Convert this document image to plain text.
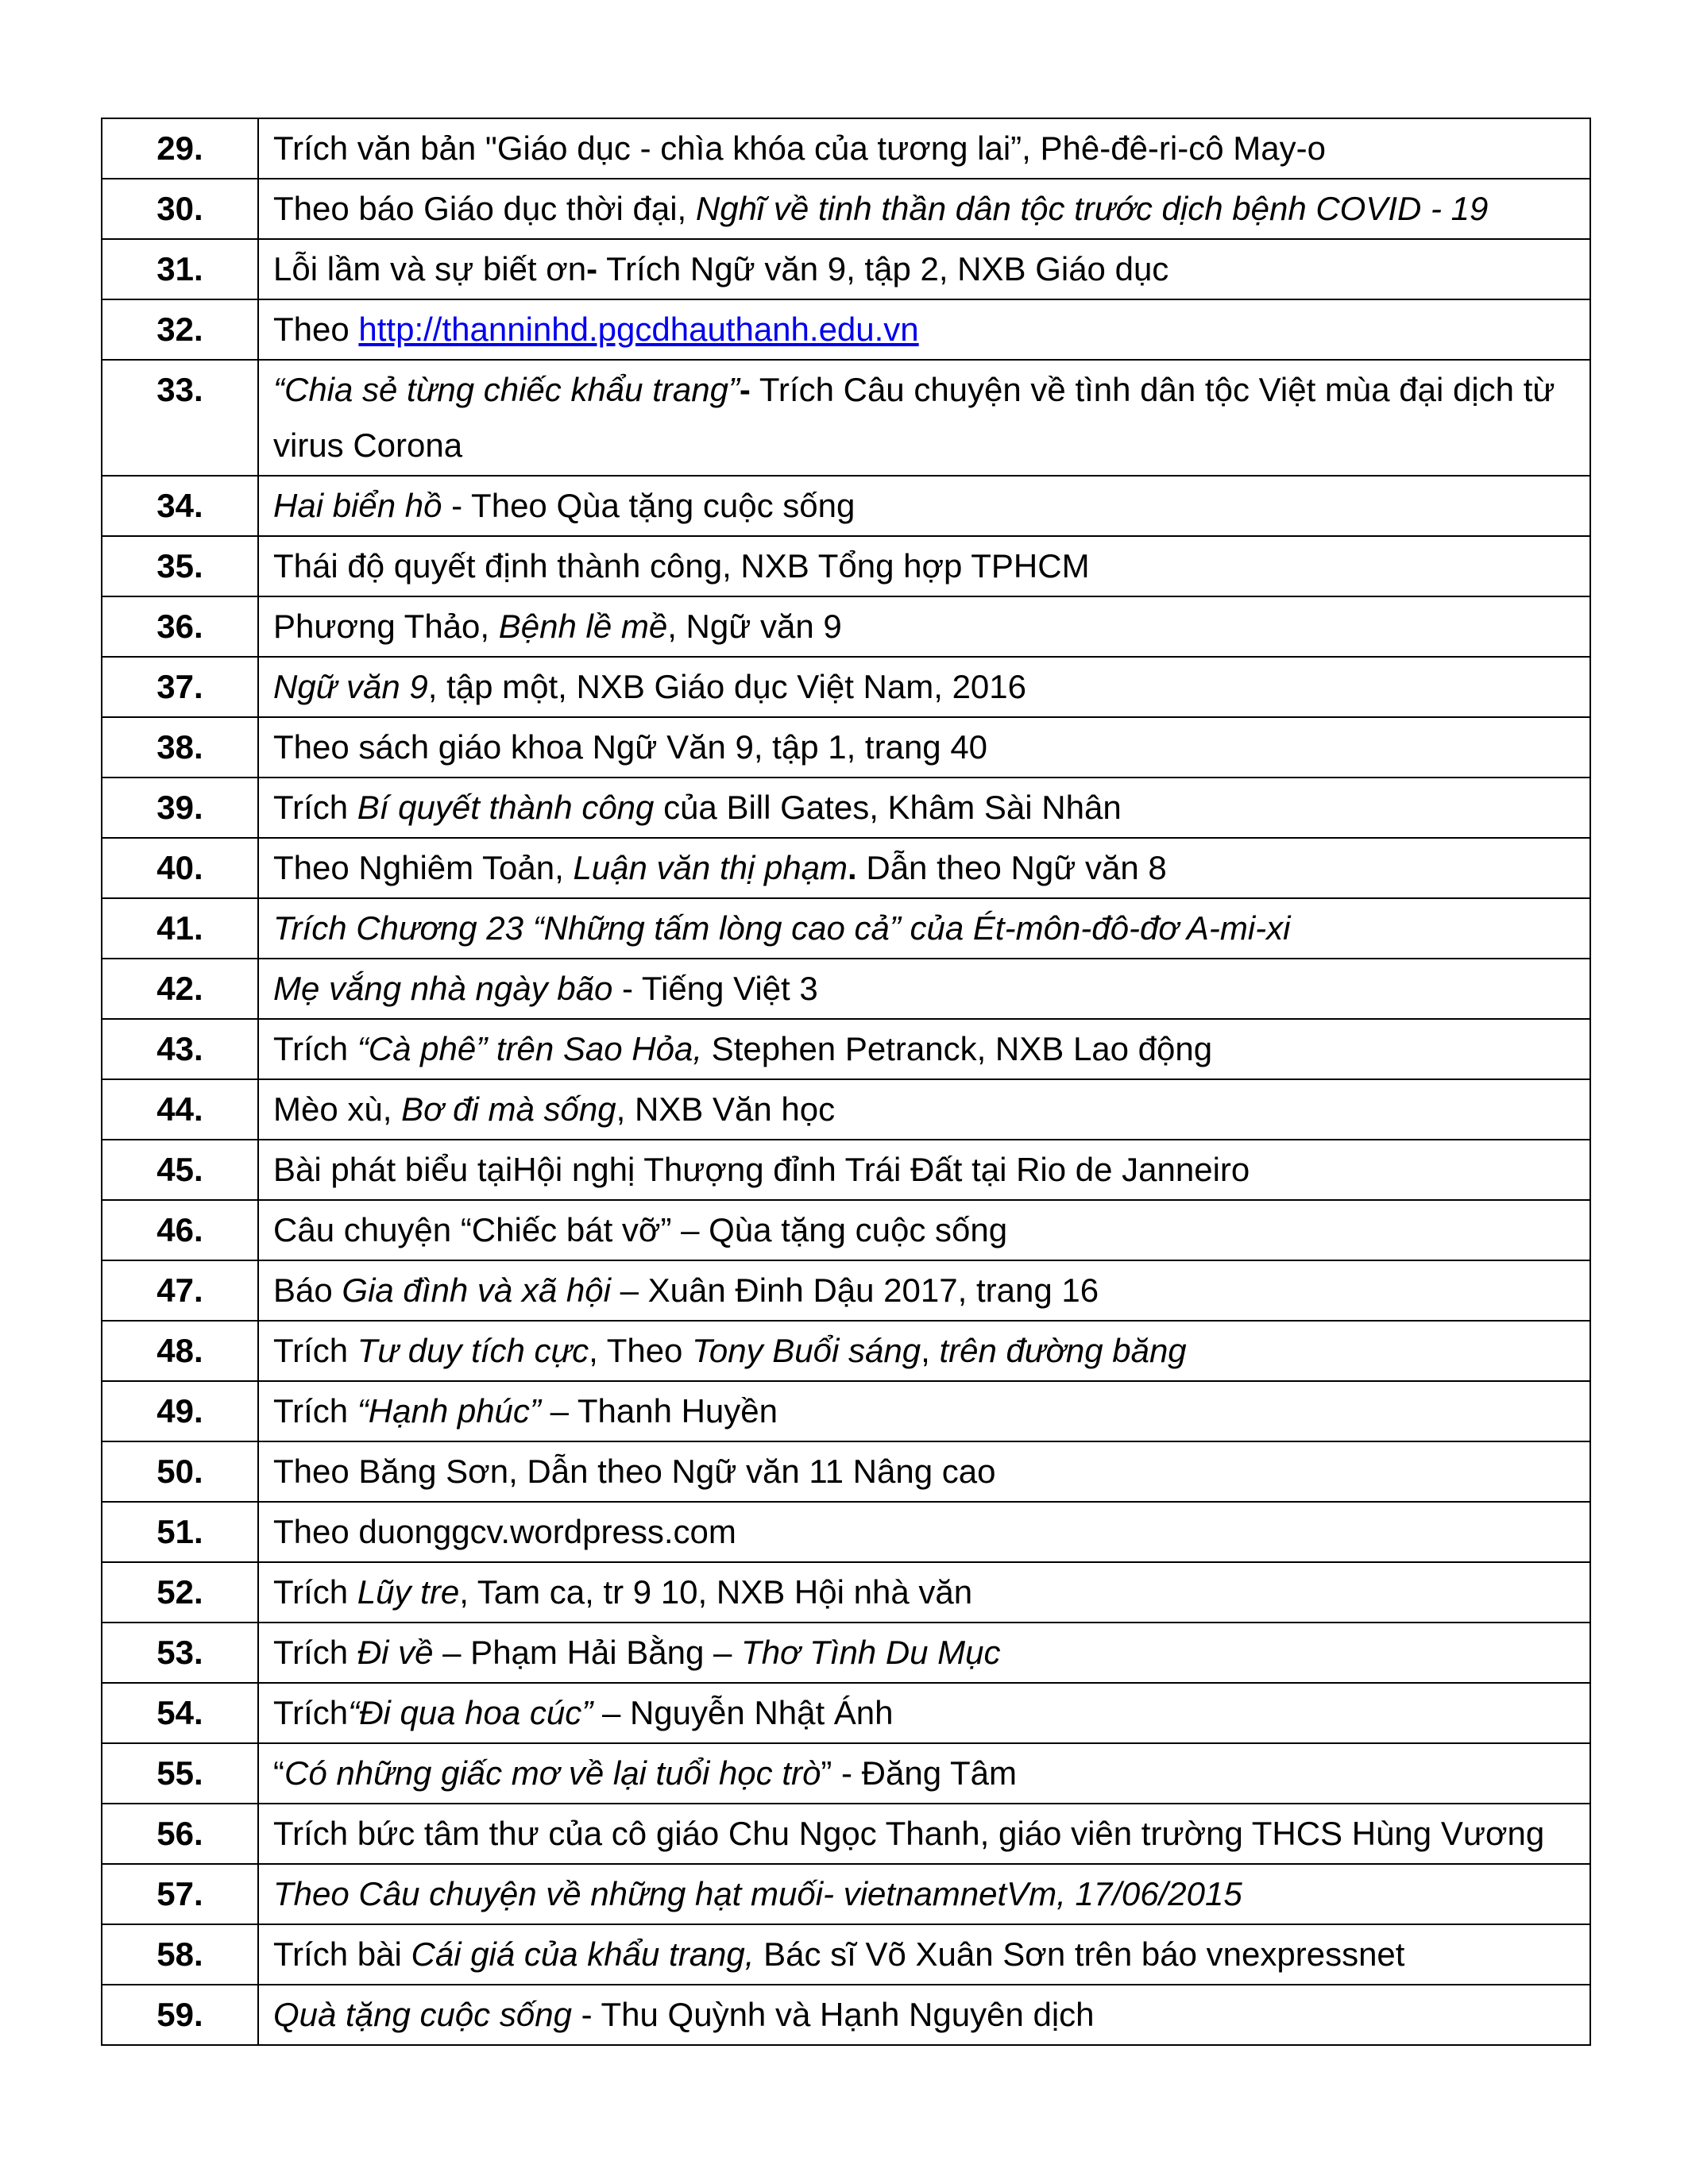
29.	Trích văn bản "Giáo dục - chìa khóa của tương lai”, Phê-đê-ri-cô May-o
30.	Theo báo Giáo dục thời đại, Nghĩ về tinh thần dân tộc trước dịch bệnh COVID - 19
31.	Lỗi lầm và sự biết ơn- Trích Ngữ văn 9, tập 2, NXB Giáo dục
32.	Theo http://thanninhd.pgcdhauthanh.edu.vn
33.	“Chia sẻ từng chiếc khẩu trang”- Trích Câu chuyện về tình dân tộc Việt mùa đại dịch từ virus Corona
34.	Hai biển hồ - Theo Qùa tặng cuộc sống
35.	Thái độ quyết định thành công, NXB Tổng hợp TPHCM
36.	Phương Thảo, Bệnh lề mề, Ngữ văn 9
37.	Ngữ văn 9, tập một, NXB Giáo dục Việt Nam, 2016
38.	Theo sách giáo khoa Ngữ Văn 9, tập 1, trang 40
39.	Trích Bí quyết thành công của Bill Gates, Khâm Sài Nhân
40.	Theo Nghiêm Toản, Luận văn thị phạm. Dẫn theo Ngữ văn 8
41.	Trích Chương 23 “Những tấm lòng cao cả” của Ét-môn-đô-đơ A-mi-xi
42.	Mẹ vắng nhà ngày bão - Tiếng Việt 3
43.	Trích “Cà phê” trên Sao Hỏa, Stephen Petranck, NXB Lao động
44.	Mèo xù, Bơ đi mà sống, NXB Văn học
45.	Bài phát biểu tạiHội nghị Thượng đỉnh Trái Đất tại Rio de Janneiro
46.	Câu chuyện “Chiếc bát vỡ” – Qùa tặng cuộc sống
47.	Báo Gia đình và xã hội – Xuân Đinh Dậu 2017, trang 16
48.	Trích Tư duy tích cực, Theo Tony Buổi sáng, trên đường băng
49.	Trích “Hạnh phúc” – Thanh Huyền
50.	Theo Băng Sơn, Dẫn theo Ngữ văn 11 Nâng cao
51.	Theo duonggcv.wordpress.com
52.	Trích Lũy tre, Tam ca, tr 9 10, NXB Hội nhà văn
53.	Trích Đi về – Phạm Hải Bằng – Thơ Tình Du Mục
54.	Trích“Đi qua hoa cúc” – Nguyễn Nhật Ánh
55.	“Có những giấc mơ về lại tuổi học trò” - Đăng Tâm
56.	Trích bức tâm thư của cô giáo Chu Ngọc Thanh, giáo viên trường THCS Hùng Vương
57.	Theo Câu chuyện về những hạt muối- vietnamnetVm, 17/06/2015
58.	Trích bài Cái giá của khẩu trang, Bác sĩ Võ Xuân Sơn trên báo vnexpressnet
59.	Quà tặng cuộc sống - Thu Quỳnh và Hạnh Nguyên dịch
